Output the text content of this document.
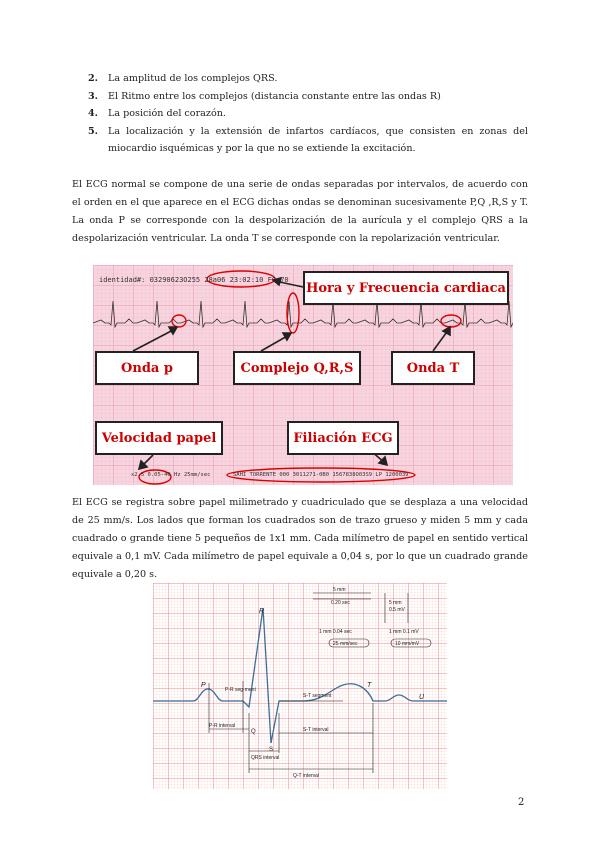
2.	La amplitud de los complejos QRS.
3.	El Ritmo entre los complejos (distancia constante entre las ondas R)
4.	La posición del corazón.
5.	La localización y la extensión de infartos cardíacos, que consisten en zonas del miocardio isquémicas y por la que no se extiende la excitación.

El ECG normal se compone de una serie de ondas separadas por intervalos, de acuerdo con el orden en el que aparece en el ECG dichas ondas se denominan sucesivamente P,Q ,R,S y T. La onda P se corresponde con la despolarización de la aurícula y el complejo QRS a la despolarización ventricular. La onda T se corresponde con la repolarización ventricular.

identidad#: 03290623O255 28a06 23:02:10 FC:70
x2.5 0.05-40 Hz 25mm/sec	SAHI TORRENTE 000 3011271-0B0 1567838O03S9 LP 1200039
Hora y Frecuencia cardiaca
Onda p	Complejo Q,R,S	Onda T
Velocidad papel	Filiación ECG

El ECG se registra sobre papel milimetrado y cuadriculado que se desplaza a una velocidad de 25 mm/s. Los lados que forman los cuadrados son de trazo grueso y miden 5 mm y cada cuadrado o grande tiene 5 pequeños de 1x1 mm. Cada milímetro de papel en sentido vertical equivale a 0,1 mV. Cada milímetro de papel equivale a 0,04 s, por lo que un cuadrado grande equivale a 0,20 s.

5 mm
0.20 sec	5 mm
0.5 mV
1 mm 0.04 sec	1 mm 0.1 mV
25 mm/sec	10 mm/mV
R
P	T
U
Q
S
P-R seg-ment
S-T segment
P-R interval
QRS interval
S-T interval
Q-T interval
2
